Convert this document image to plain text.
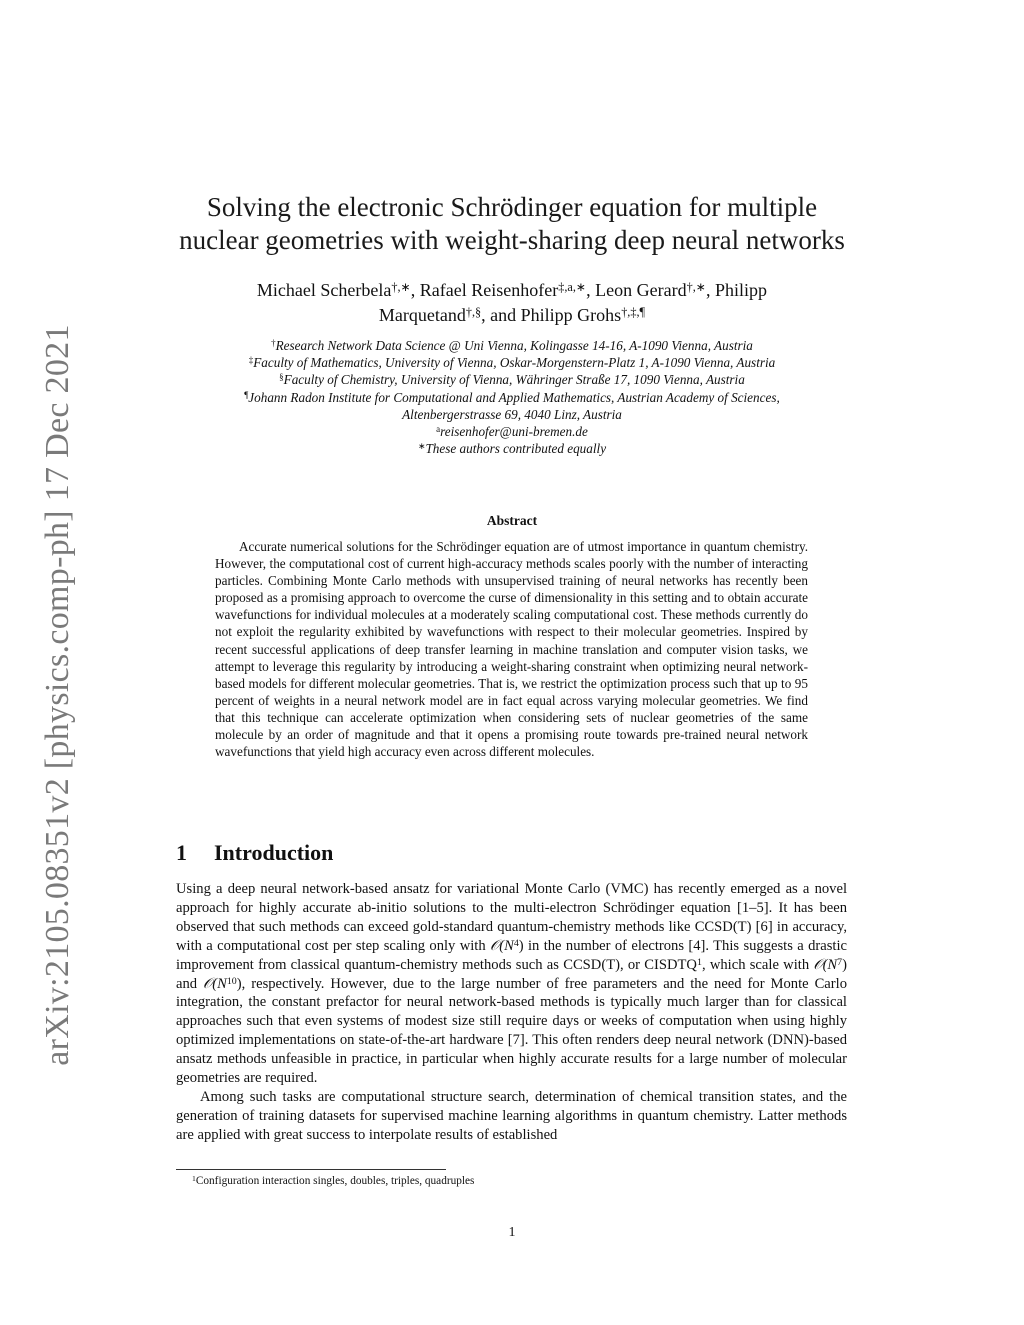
arXiv:2105.08351v2 [physics.comp-ph] 17 Dec 2021
Solving the electronic Schrödinger equation for multiple
nuclear geometries with weight-sharing deep neural networks
Michael Scherbela†,∗, Rafael Reisenhofer$^{\ddagger,a,∗}$, Leon Gerard†,∗, Philipp
Marquetand†,§, and Philipp Grohs†,‡,¶
†Research Network Data Science @ Uni Vienna, Kolingasse 14-16, A-1090 Vienna, Austria
‡Faculty of Mathematics, University of Vienna, Oskar-Morgenstern-Platz 1, A-1090 Vienna, Austria
§Faculty of Chemistry, University of Vienna, Währinger Straße 17, 1090 Vienna, Austria
¶Johann Radon Institute for Computational and Applied Mathematics, Austrian Academy of Sciences,
Altenbergerstrasse 69, 4040 Linz, Austria
$^a$reisenhofer@uni-bremen.de
∗These authors contributed equally
Abstract

Accurate numerical solutions for the Schrödinger equation are of utmost importance in quantum chemistry. However, the computational cost of current high-accuracy methods scales poorly with the number of interacting particles. Combining Monte Carlo methods with unsupervised training of neural networks has recently been proposed as a promising approach to overcome the curse of dimensionality in this setting and to obtain accurate wavefunctions for individual molecules at a moderately scaling computational cost. These methods currently do not exploit the regularity exhibited by wavefunctions with respect to their molecular geometries. Inspired by recent successful applications of deep transfer learning in machine translation and computer vision tasks, we attempt to leverage this regularity by introducing a weight-sharing constraint when optimizing neural network-based models for different molecular geometries. That is, we restrict the optimization process such that up to 95 percent of weights in a neural network model are in fact equal across varying molecular geometries. We find that this technique can accelerate optimization when considering sets of nuclear geometries of the same molecule by an order of magnitude and that it opens a promising route towards pre-trained neural network wavefunctions that yield high accuracy even across different molecules.

1 Introduction

Using a deep neural network-based ansatz for variational Monte Carlo (VMC) has recently emerged as a novel approach for highly accurate ab-initio solutions to the multi-electron Schrödinger equation [1–5]. It has been observed that such methods can exceed gold-standard quantum-chemistry methods like CCSD(T) [6] in accuracy, with a computational cost per step scaling only with $𝒪(N^4)$ in the number of electrons [4]. This suggests a drastic improvement from classical quantum-chemistry methods such as CCSD(T), or CISDTQ$^1$, which scale with $𝒪(N^7)$ and $𝒪(N^{10})$, respectively. However, due to the large number of free parameters and the need for Monte Carlo integration, the constant prefactor for neural network-based methods is typically much larger than for classical approaches such that even systems of modest size still require days or weeks of computation when using highly optimized implementations on state-of-the-art hardware [7]. This often renders deep neural network (DNN)-based ansatz methods unfeasible in practice, in particular when highly accurate results for a large number of molecular geometries are required.

Among such tasks are computational structure search, determination of chemical transition states, and the generation of training datasets for supervised machine learning algorithms in quantum chemistry. Latter methods are applied with great success to interpolate results of established

$^1$Configuration interaction singles, doubles, triples, quadruples
1
